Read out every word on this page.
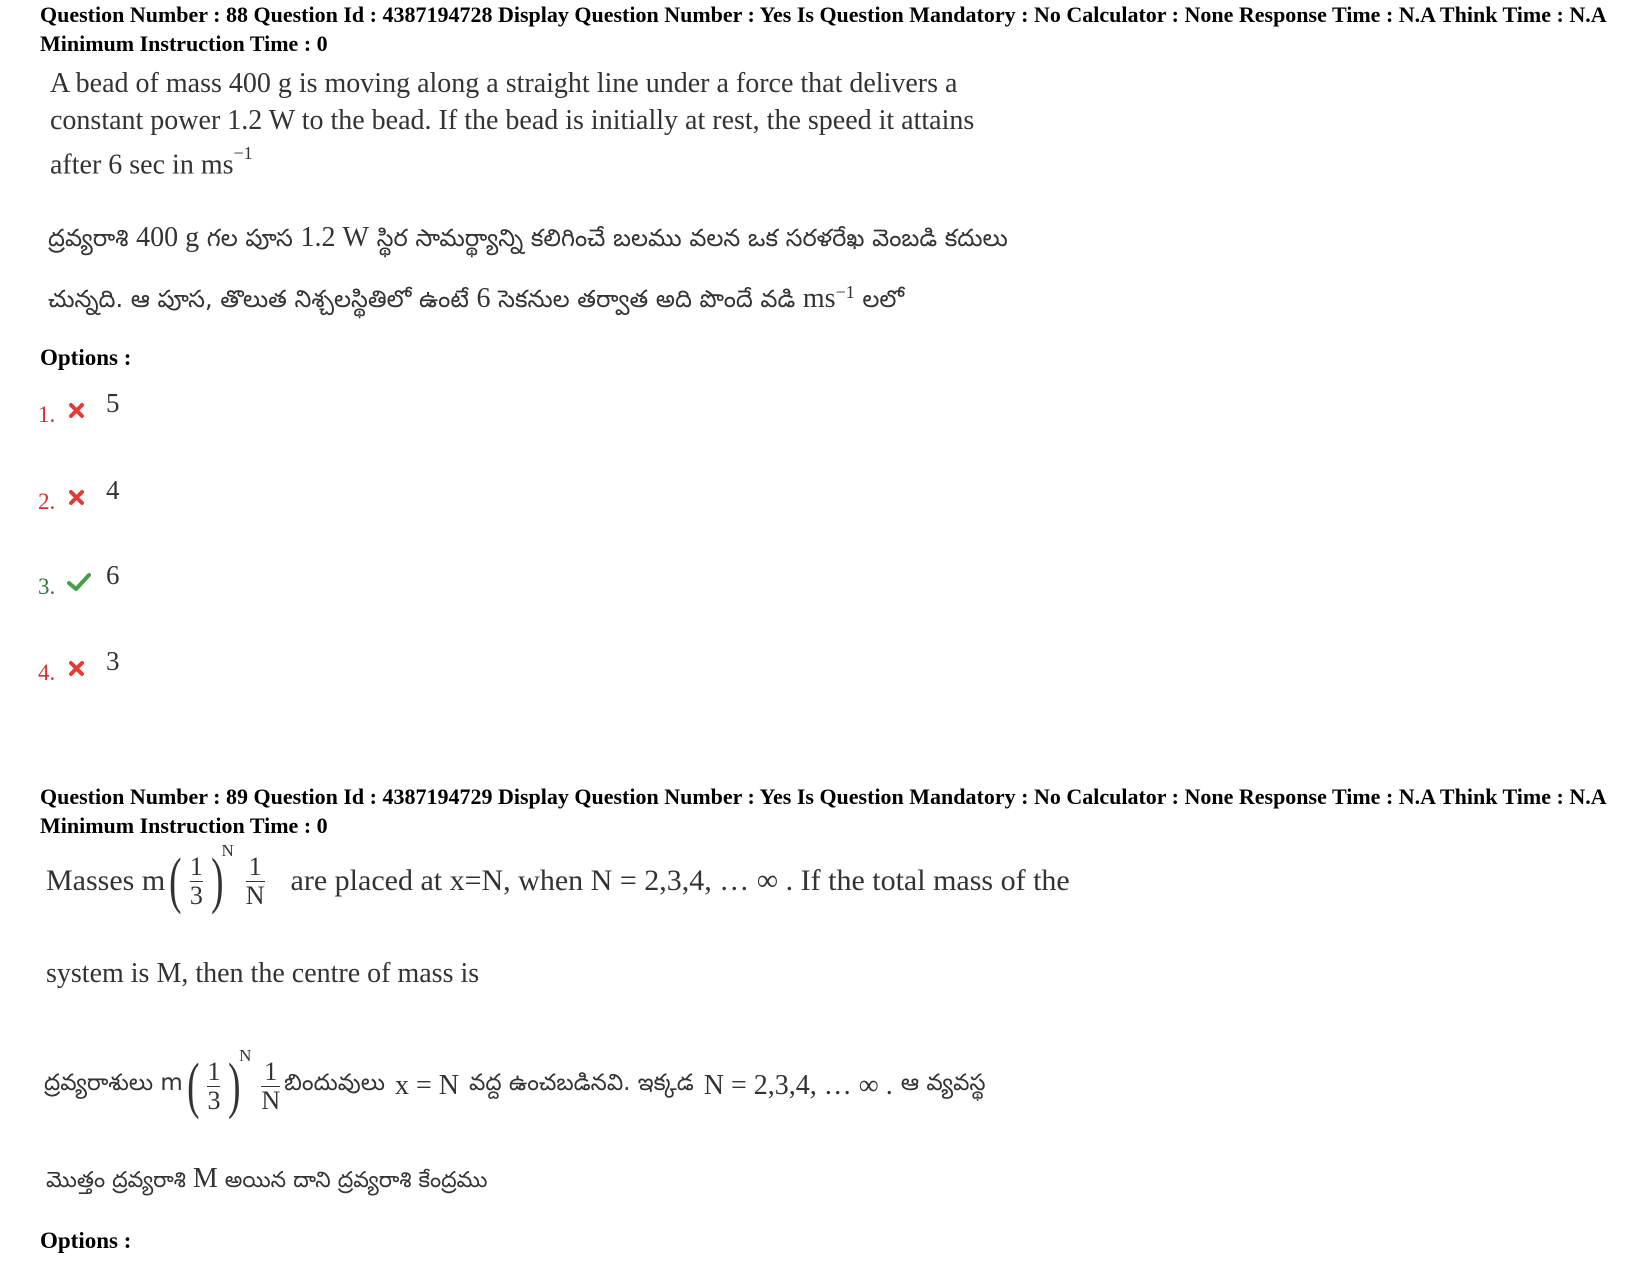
Question Number : 88 Question Id : 4387194728 Display Question Number : Yes Is Question Mandatory : No Calculator : None Response Time : N.A Think Time : N.A Minimum Instruction Time : 0
A bead of mass 400 g is moving along a straight line under a force that delivers a
constant power 1.2 W to the bead. If the bead is initially at rest, the speed it attains
after 6 sec in $ms^{-1}$
ద్రవ్యరాశి 400 g గల పూస 1.2 W స్థిర సామర్థ్యాన్ని కలిగించే బలము వలన ఒక సరళరేఖ వెంబడి కదులు
చున్నది. ఆ పూస, తొలుత నిశ్చలస్థితిలో ఉంటే 6 సెకనుల తర్వాత అది పొందే వడి $ms^{-1}$ లలో
Options :
1. 5
2. 4
3. 6
4. 3
Question Number : 89 Question Id : 4387194729 Display Question Number : Yes Is Question Mandatory : No Calculator : None Response Time : N.A Think Time : N.A Minimum Instruction Time : 0
Masses m ( $\frac{1}{3}$ )
N
$\frac{1}{N}$ are placed at x=N, when N = 2,3,4, … ∞ . If the total mass of the
system is M, then the centre of mass is
ద్రవ్యరాశులు m ( $\frac{1}{3}$ )
N
$\frac{1}{N}$ బిందువులు x = N వద్ద ఉంచబడినవి. ఇక్కడ N = 2,3,4, … ∞ . ఆ వ్యవస్థ
మొత్తం ద్రవ్యరాశి M అయిన దాని ద్రవ్యరాశి కేంద్రము
Options :
